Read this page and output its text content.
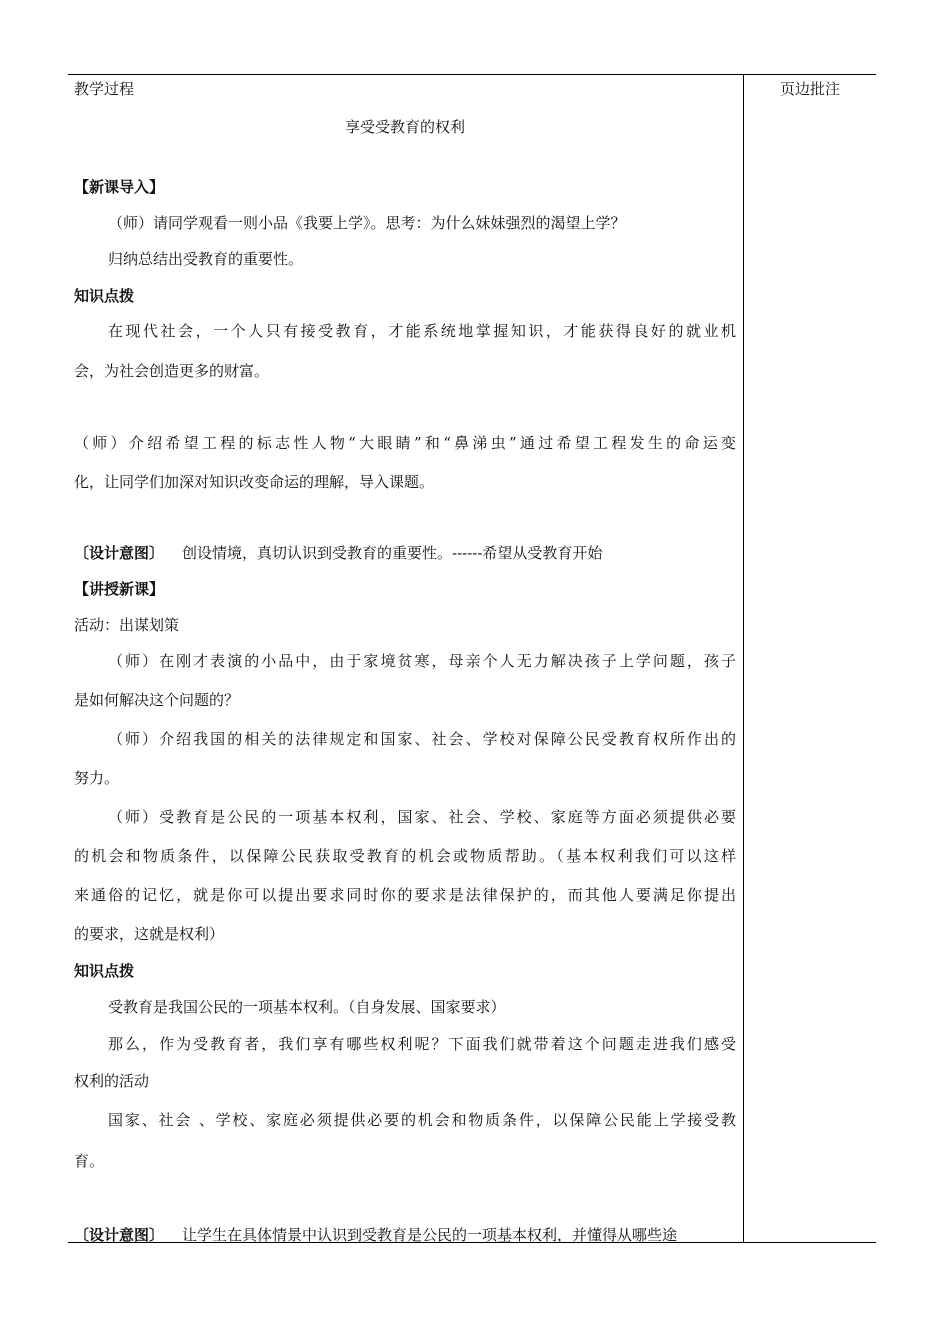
教学过程	页边批注
享受受教育的权利
【新课导入】
（师）请同学观看一则小品《我要上学》。思考：为什么妹妹强烈的渴望上学？
归纳总结出受教育的重要性。
知识点拨
在现代社会，一个人只有接受教育，才能系统地掌握知识，才能获得良好的就业机
会，为社会创造更多的财富。
（师）介绍希望工程的标志性人物“大眼睛”和“鼻涕虫”通过希望工程发生的命运变
化，让同学们加深对知识改变命运的理解，导入课题。
〔设计意图〕 创设情境，真切认识到受教育的重要性。------希望从受教育开始
【讲授新课】
活动：出谋划策
（师）在刚才表演的小品中，由于家境贫寒，母亲个人无力解决孩子上学问题，孩子
是如何解决这个问题的？
（师）介绍我国的相关的法律规定和国家、社会、学校对保障公民受教育权所作出的
努力。
（师）受教育是公民的一项基本权利，国家、社会、学校、家庭等方面必须提供必要
的机会和物质条件，以保障公民获取受教育的机会或物质帮助。（基本权利我们可以这样
来通俗的记忆，就是你可以提出要求同时你的要求是法律保护的，而其他人要满足你提出
的要求，这就是权利）
知识点拨
受教育是我国公民的一项基本权利。（自身发展、国家要求）
那么，作为受教育者，我们享有哪些权利呢？下面我们就带着这个问题走进我们感受
权利的活动
国家、社会 、学校、家庭必须提供必要的机会和物质条件，以保障公民能上学接受教
育。
〔设计意图〕 让学生在具体情景中认识到受教育是公民的一项基本权利，并懂得从哪些途
